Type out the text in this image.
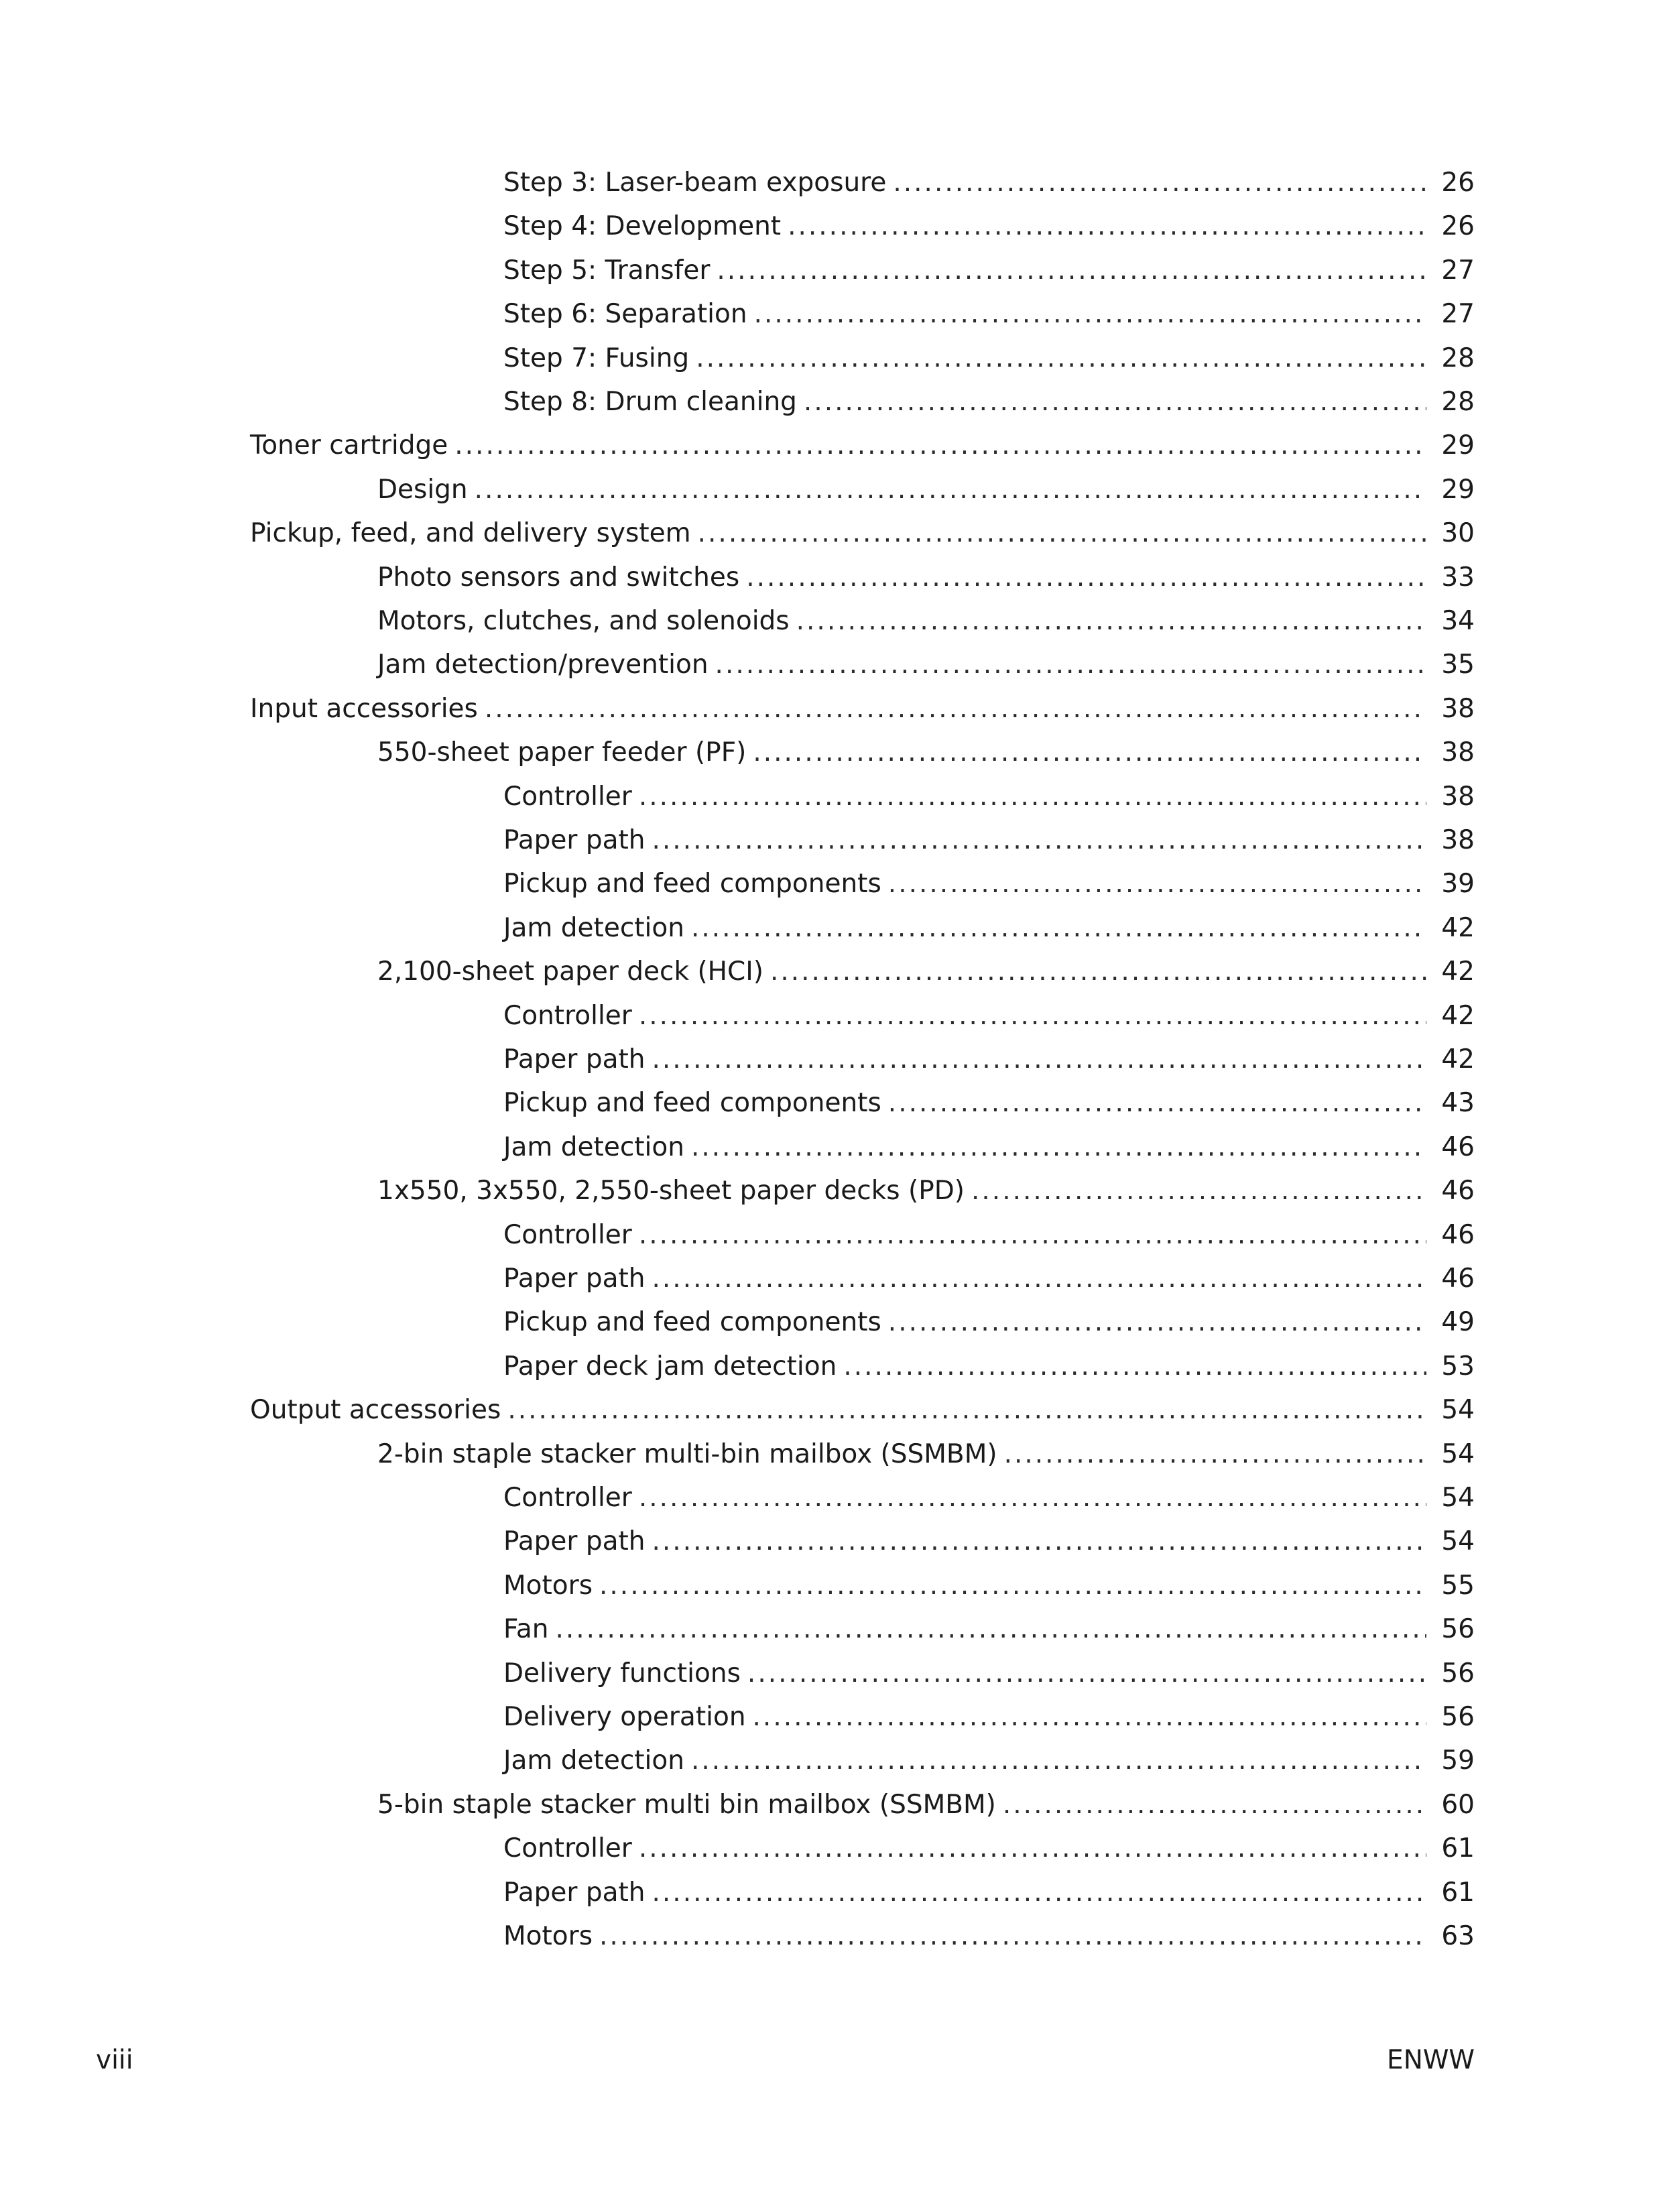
Step 3: Laser-beam exposure .....	26
Step 4: Development .....	26
Step 5: Transfer .....	27
Step 6: Separation .....	27
Step 7: Fusing .....	28
Step 8: Drum cleaning .....	28
Toner cartridge .....	29
Design .....	29
Pickup, feed, and delivery system .....	30
Photo sensors and switches .....	33
Motors, clutches, and solenoids .....	34
Jam detection/prevention .....	35
Input accessories .....	38
550-sheet paper feeder (PF) .....	38
Controller .....	38
Paper path .....	38
Pickup and feed components .....	39
Jam detection .....	42
2,100-sheet paper deck (HCI) .....	42
Controller .....	42
Paper path .....	42
Pickup and feed components .....	43
Jam detection .....	46
1x550, 3x550, 2,550-sheet paper decks (PD) .....	46
Controller .....	46
Paper path .....	46
Pickup and feed components .....	49
Paper deck jam detection .....	53
Output accessories .....	54
2-bin staple stacker multi-bin mailbox (SSMBM) .....	54
Controller .....	54
Paper path .....	54
Motors .....	55
Fan .....	56
Delivery functions .....	56
Delivery operation .....	56
Jam detection .....	59
5-bin staple stacker multi bin mailbox (SSMBM) .....	60
Controller .....	61
Paper path .....	61
Motors .....	63
viii	ENWW
